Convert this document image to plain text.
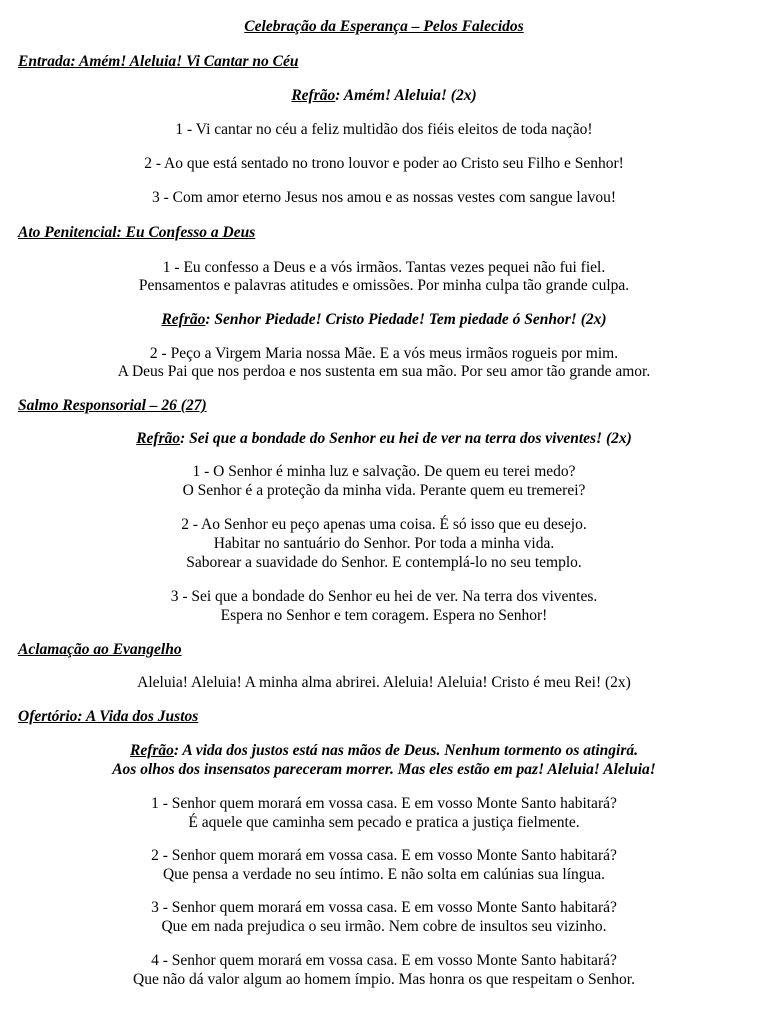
Celebração da Esperança – Pelos Falecidos
Entrada: Amém! Aleluia! Vi Cantar no Céu
Refrão: Amém! Aleluia! (2x)
1 - Vi cantar no céu a feliz multidão dos fiéis eleitos de toda nação!
2 - Ao que está sentado no trono louvor e poder ao Cristo seu Filho e Senhor!
3 - Com amor eterno Jesus nos amou e as nossas vestes com sangue lavou!
Ato Penitencial: Eu Confesso a Deus
1 - Eu confesso a Deus e a vós irmãos. Tantas vezes pequei não fui fiel.
Pensamentos e palavras atitudes e omissões. Por minha culpa tão grande culpa.
Refrão: Senhor Piedade! Cristo Piedade! Tem piedade ó Senhor! (2x)
2 - Peço a Virgem Maria nossa Mãe. E a vós meus irmãos rogueis por mim.
A Deus Pai que nos perdoa e nos sustenta em sua mão. Por seu amor tão grande amor.
Salmo Responsorial – 26 (27)
Refrão: Sei que a bondade do Senhor eu hei de ver na terra dos viventes! (2x)
1 - O Senhor é minha luz e salvação. De quem eu terei medo?
O Senhor é a proteção da minha vida. Perante quem eu tremerei?
2 - Ao Senhor eu peço apenas uma coisa. É só isso que eu desejo.
Habitar no santuário do Senhor. Por toda a minha vida.
Saborear a suavidade do Senhor. E contemplá-lo no seu templo.
3 - Sei que a bondade do Senhor eu hei de ver. Na terra dos viventes.
Espera no Senhor e tem coragem. Espera no Senhor!
Aclamação ao Evangelho
Aleluia! Aleluia! A minha alma abrirei. Aleluia! Aleluia! Cristo é meu Rei! (2x)
Ofertório: A Vida dos Justos
Refrão: A vida dos justos está nas mãos de Deus. Nenhum tormento os atingirá.
Aos olhos dos insensatos pareceram morrer. Mas eles estão em paz! Aleluia! Aleluia!
1 - Senhor quem morará em vossa casa. E em vosso Monte Santo habitará?
É aquele que caminha sem pecado e pratica a justiça fielmente.
2 - Senhor quem morará em vossa casa. E em vosso Monte Santo habitará?
Que pensa a verdade no seu íntimo. E não solta em calúnias sua língua.
3 - Senhor quem morará em vossa casa. E em vosso Monte Santo habitará?
Que em nada prejudica o seu irmão. Nem cobre de insultos seu vizinho.
4 - Senhor quem morará em vossa casa. E em vosso Monte Santo habitará?
Que não dá valor algum ao homem ímpio. Mas honra os que respeitam o Senhor.
